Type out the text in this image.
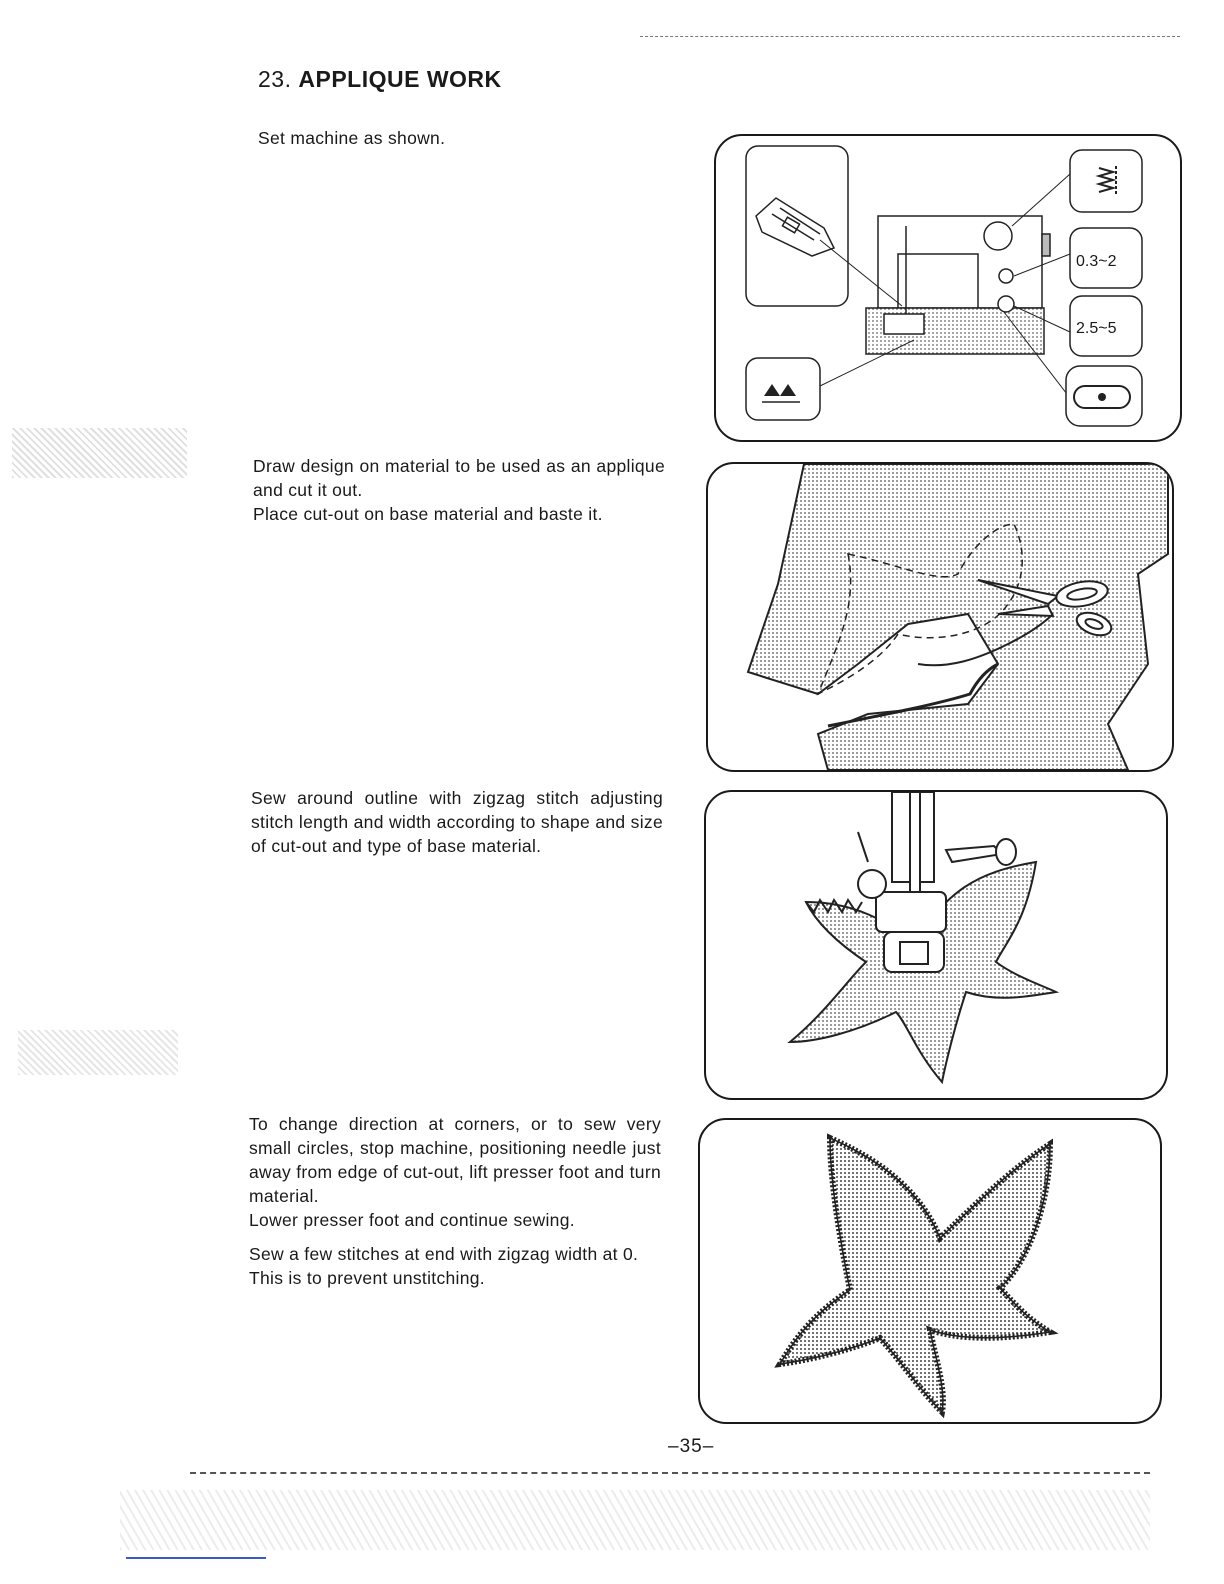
23. APPLIQUE WORK

Set machine as shown.

Draw design on material to be used as an applique and cut it out.

Place cut-out on base material and baste it.

Sew around outline with zigzag stitch adjusting stitch length and width according to shape and size of cut-out and type of base material.

To change direction at corners, or to sew very small circles, stop machine, positioning needle just away from edge of cut-out, lift presser foot and turn material.

Lower presser foot and continue sewing.

Sew a few stitches at end with zigzag width at 0.

This is to prevent unstitching.

0.3~2
2.5~5
–35–
